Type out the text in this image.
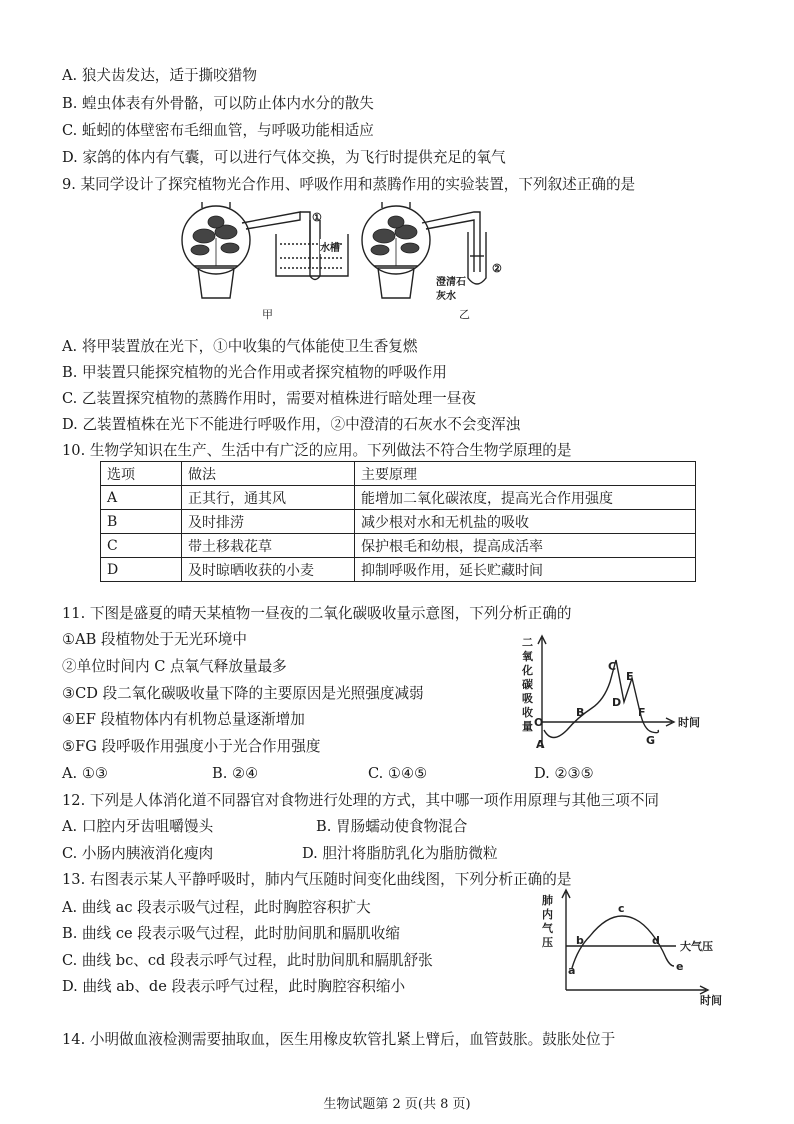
A. 狼犬齿发达，适于撕咬猎物
B. 蝗虫体表有外骨骼，可以防止体内水分的散失
C. 蚯蚓的体壁密布毛细血管，与呼吸功能相适应
D. 家鸽的体内有气囊，可以进行气体交换，为飞行时提供充足的氧气
9. 某同学设计了探究植物光合作用、呼吸作用和蒸腾作用的实验装置，下列叙述正确的是
①
水槽
②
澄清石
灰水
甲	乙
A. 将甲装置放在光下，①中收集的气体能使卫生香复燃
B. 甲装置只能探究植物的光合作用或者探究植物的呼吸作用
C. 乙装置探究植物的蒸腾作用时，需要对植株进行暗处理一昼夜
D. 乙装置植株在光下不能进行呼吸作用，②中澄清的石灰水不会变浑浊
10. 生物学知识在生产、生活中有广泛的应用。下列做法不符合生物学原理的是
选项	做法	主要原理
A	正其行，通其风	能增加二氧化碳浓度，提高光合作用强度
B	及时排涝	减少根对水和无机盐的吸收
C	带土移栽花草	保护根毛和幼根，提高成活率
D	及时晾晒收获的小麦	抑制呼吸作用，延长贮藏时间
11. 下图是盛夏的晴天某植物一昼夜的二氧化碳吸收量示意图，下列分析正确的
①AB 段植物处于无光环境中
②单位时间内 C 点氧气释放量最多
③CD 段二氧化碳吸收量下降的主要原因是光照强度减弱
④EF 段植物体内有机物总量逐渐增加
⑤FG 段呼吸作用强度小于光合作用强度
A. ①③	B. ②④	C. ①④⑤	D. ②③⑤
二
氧
化
碳
吸
收
量 O
A
B
C
D
E
F
G
时间
12. 下列是人体消化道不同器官对食物进行处理的方式，其中哪一项作用原理与其他三项不同
A. 口腔内牙齿咀嚼馒头	B. 胃肠蠕动使食物混合
C. 小肠内胰液消化瘦肉	D. 胆汁将脂肪乳化为脂肪微粒
13. 右图表示某人平静呼吸时，肺内气压随时间变化曲线图，下列分析正确的是
A. 曲线 ac 段表示吸气过程，此时胸腔容积扩大
B. 曲线 ce 段表示吸气过程，此时肋间肌和膈肌收缩
C. 曲线 bc、cd 段表示呼气过程，此时肋间肌和膈肌舒张
D. 曲线 ab、de 段表示呼气过程，此时胸腔容积缩小
肺
内
气
压
a
b
c
d
e
大气压
时间
14. 小明做血液检测需要抽取血，医生用橡皮软管扎紧上臂后，血管鼓胀。鼓胀处位于
生物试题第 2 页(共 8 页)
